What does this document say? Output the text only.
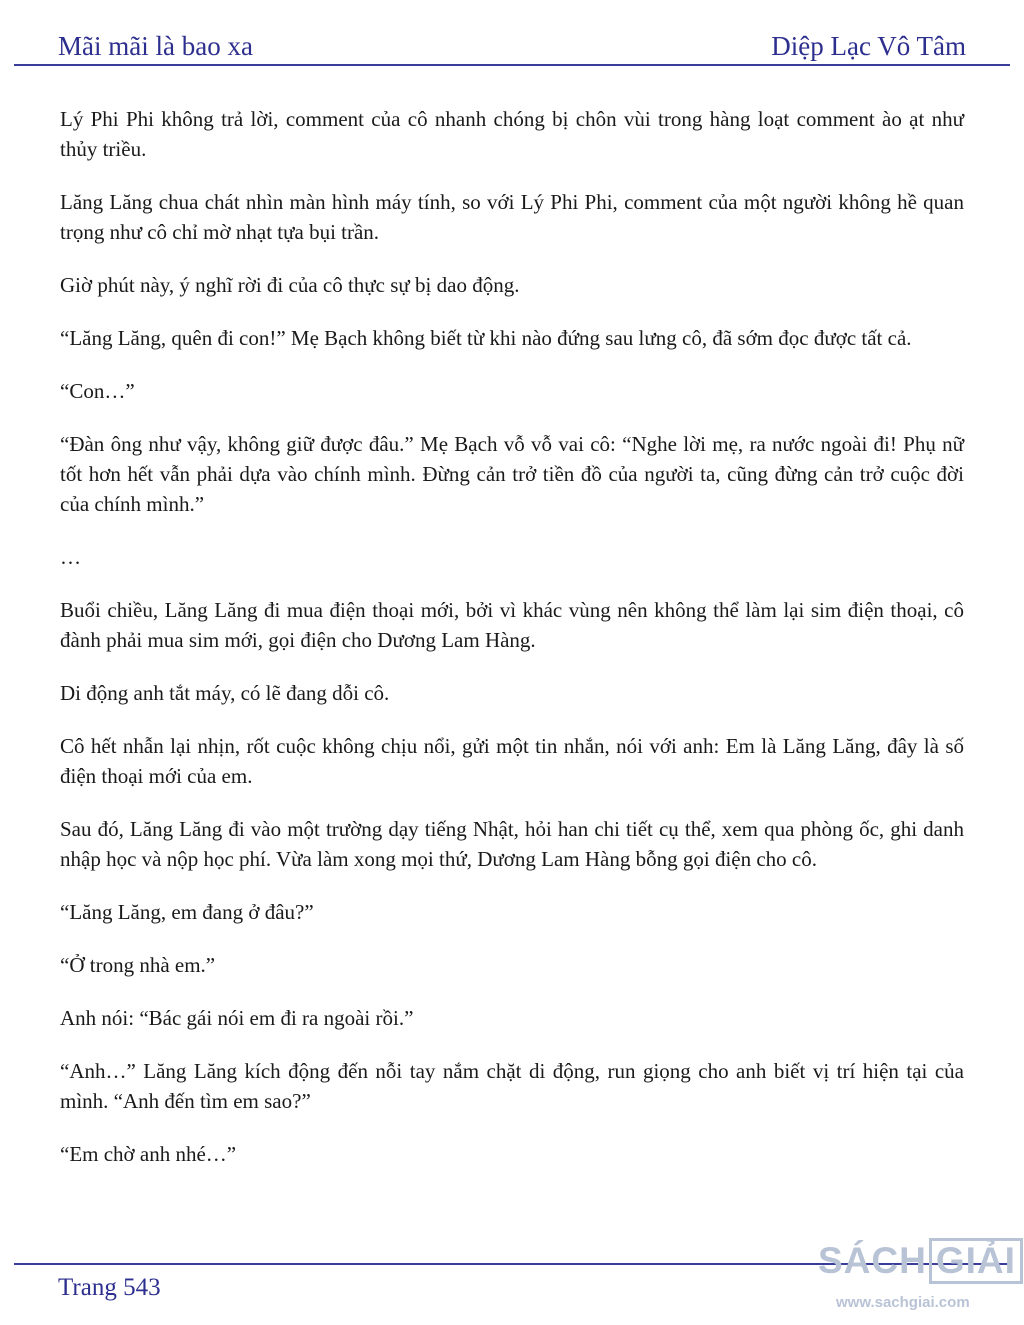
Mãi mãi là bao xa	Diệp Lạc Vô Tâm

Lý Phi Phi không trả lời, comment của cô nhanh chóng bị chôn vùi trong hàng loạt comment ào ạt như thủy triều.

Lăng Lăng chua chát nhìn màn hình máy tính, so với Lý Phi Phi, comment của một người không hề quan trọng như cô chỉ mờ nhạt tựa bụi trần.

Giờ phút này, ý nghĩ rời đi của cô thực sự bị dao động.

“Lăng Lăng, quên đi con!” Mẹ Bạch không biết từ khi nào đứng sau lưng cô, đã sớm đọc được tất cả.

“Con…”

“Đàn ông như vậy, không giữ được đâu.” Mẹ Bạch vỗ vỗ vai cô: “Nghe lời mẹ, ra nước ngoài đi! Phụ nữ tốt hơn hết vẫn phải dựa vào chính mình. Đừng cản trở tiền đồ của người ta, cũng đừng cản trở cuộc đời của chính mình.”

…

Buổi chiều, Lăng Lăng đi mua điện thoại mới, bởi vì khác vùng nên không thể làm lại sim điện thoại, cô đành phải mua sim mới, gọi điện cho Dương Lam Hàng.

Di động anh tắt máy, có lẽ đang dỗi cô.

Cô hết nhẫn lại nhịn, rốt cuộc không chịu nổi, gửi một tin nhắn, nói với anh: Em là Lăng Lăng, đây là số điện thoại mới của em.

Sau đó, Lăng Lăng đi vào một trường dạy tiếng Nhật, hỏi han chi tiết cụ thể, xem qua phòng ốc, ghi danh nhập học và nộp học phí. Vừa làm xong mọi thứ, Dương Lam Hàng bỗng gọi điện cho cô.

“Lăng Lăng, em đang ở đâu?”

“Ở trong nhà em.”

Anh nói: “Bác gái nói em đi ra ngoài rồi.”

“Anh…” Lăng Lăng kích động đến nỗi tay nắm chặt di động, run giọng cho anh biết vị trí hiện tại của mình. “Anh đến tìm em sao?”

“Em chờ anh nhé…”

Trang 543
SÁCH GIẢI
www.sachgiai.com
